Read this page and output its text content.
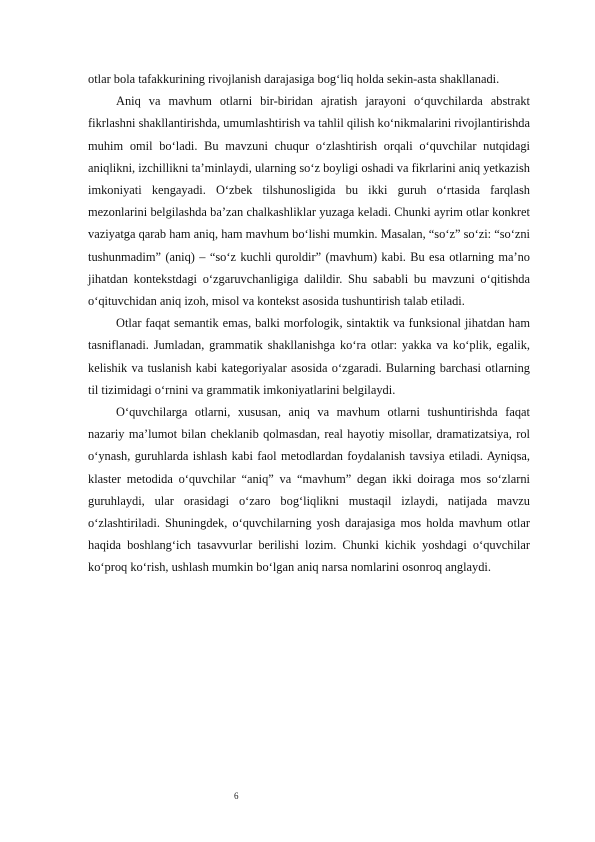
otlar bola tafakkurining rivojlanish darajasiga bog‘liq holda sekin-asta shakllanadi.

Aniq va mavhum otlarni bir-biridan ajratish jarayoni o‘quvchilarda abstrakt fikrlashni shakllantirishda, umumlashtirish va tahlil qilish ko‘nikmalarini rivojlantirishda muhim omil bo‘ladi. Bu mavzuni chuqur o‘zlashtirish orqali o‘quvchilar nutqidagi aniqlikni, izchillikni ta’minlaydi, ularning so‘z boyligi oshadi va fikrlarini aniq yetkazish imkoniyati kengayadi. O‘zbek tilshunosligida bu ikki guruh o‘rtasida farqlash mezonlarini belgilashda ba’zan chalkashliklar yuzaga keladi. Chunki ayrim otlar konkret vaziyatga qarab ham aniq, ham mavhum bo‘lishi mumkin. Masalan, “so‘z” so‘zi: “so‘zni tushunmadim” (aniq) – “so‘z kuchli quroldir” (mavhum) kabi. Bu esa otlarning ma’no jihatdan kontekstdagi o‘zgaruvchanligiga dalildir. Shu sababli bu mavzuni o‘qitishda o‘qituvchidan aniq izoh, misol va kontekst asosida tushuntirish talab etiladi.

Otlar faqat semantik emas, balki morfologik, sintaktik va funksional jihatdan ham tasniflanadi. Jumladan, grammatik shakllanishga ko‘ra otlar: yakka va ko‘plik, egalik, kelishik va tuslanish kabi kategoriyalar asosida o‘zgaradi. Bularning barchasi otlarning til tizimidagi o‘rnini va grammatik imkoniyatlarini belgilaydi.

O‘quvchilarga otlarni, xususan, aniq va mavhum otlarni tushuntirishda faqat nazariy ma’lumot bilan cheklanib qolmasdan, real hayotiy misollar, dramatizatsiya, rol o‘ynash, guruhlarda ishlash kabi faol metodlardan foydalanish tavsiya etiladi. Ayniqsa, klaster metodida o‘quvchilar “aniq” va “mavhum” degan ikki doiraga mos so‘zlarni guruhlaydi, ular orasidagi o‘zaro bog‘liqlikni mustaqil izlaydi, natijada mavzu o‘zlashtiriladi. Shuningdek, o‘quvchilarning yosh darajasiga mos holda mavhum otlar haqida boshlang‘ich tasavvurlar berilishi lozim. Chunki kichik yoshdagi o‘quvchilar ko‘proq ko‘rish, ushlash mumkin bo‘lgan aniq narsa nomlarini osonroq anglaydi.

6
